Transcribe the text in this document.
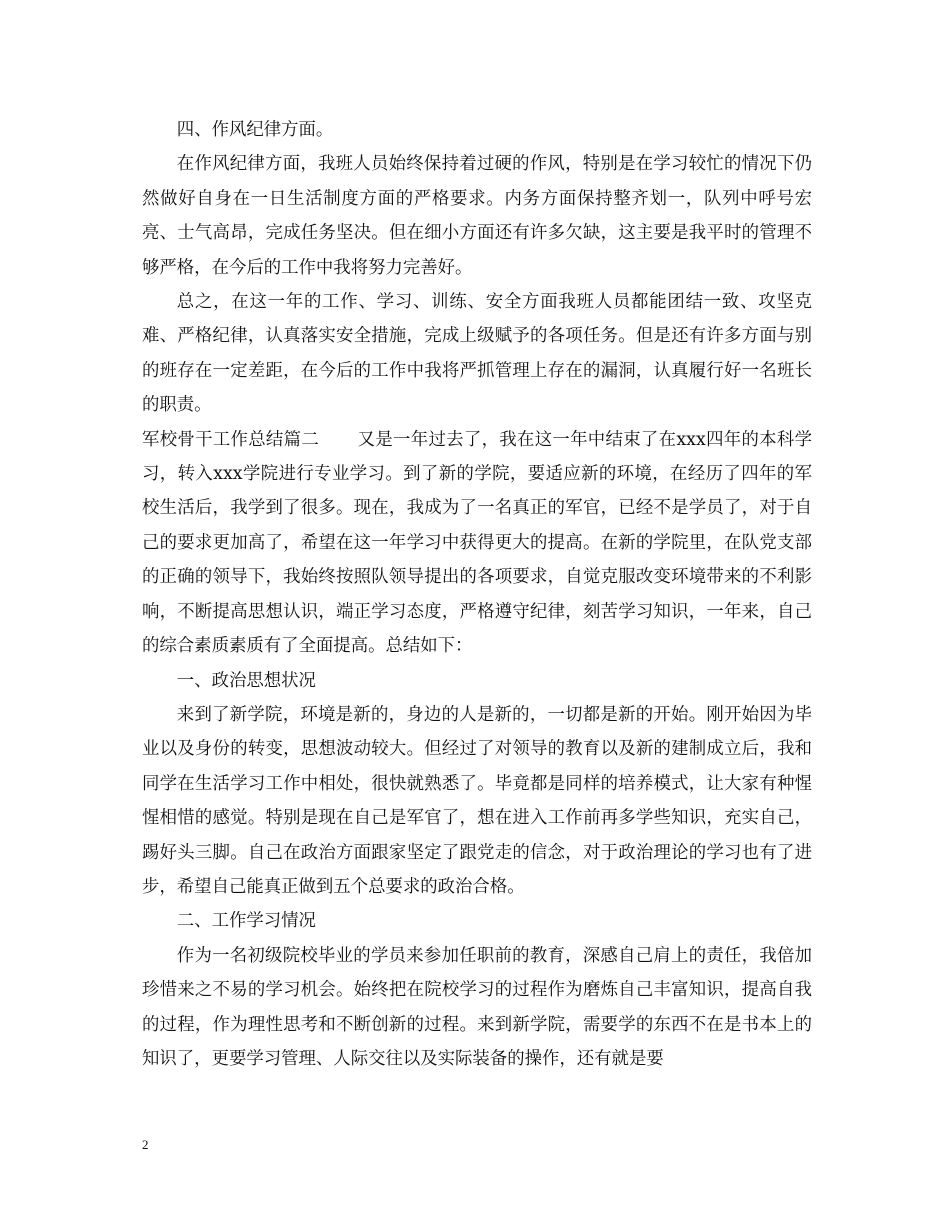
四、作风纪律方面。

在作风纪律方面，我班人员始终保持着过硬的作风，特别是在学习较忙的情况下仍然做好自身在一日生活制度方面的严格要求。内务方面保持整齐划一，队列中呼号宏亮、士气高昂，完成任务坚决。但在细小方面还有许多欠缺，这主要是我平时的管理不够严格，在今后的工作中我将努力完善好。

总之，在这一年的工作、学习、训练、安全方面我班人员都能团结一致、攻坚克难、严格纪律，认真落实安全措施，完成上级赋予的各项任务。但是还有许多方面与别的班存在一定差距，在今后的工作中我将严抓管理上存在的漏洞，认真履行好一名班长的职责。

军校骨干工作总结篇二 又是一年过去了，我在这一年中结束了在xxx四年的本科学习，转入xxx学院进行专业学习。到了新的学院，要适应新的环境，在经历了四年的军校生活后，我学到了很多。现在，我成为了一名真正的军官，已经不是学员了，对于自己的要求更加高了，希望在这一年学习中获得更大的提高。在新的学院里，在队党支部的正确的领导下，我始终按照队领导提出的各项要求，自觉克服改变环境带来的不利影响，不断提高思想认识，端正学习态度，严格遵守纪律，刻苦学习知识，一年来，自己的综合素质素质有了全面提高。总结如下：

一、政治思想状况

来到了新学院，环境是新的，身边的人是新的，一切都是新的开始。刚开始因为毕业以及身份的转变，思想波动较大。但经过了对领导的教育以及新的建制成立后，我和同学在生活学习工作中相处，很快就熟悉了。毕竟都是同样的培养模式，让大家有种惺惺相惜的感觉。特别是现在自己是军官了，想在进入工作前再多学些知识，充实自己，踢好头三脚。自己在政治方面跟家坚定了跟党走的信念，对于政治理论的学习也有了进步，希望自己能真正做到五个总要求的政治合格。

二、工作学习情况

作为一名初级院校毕业的学员来参加任职前的教育，深感自己肩上的责任，我倍加珍惜来之不易的学习机会。始终把在院校学习的过程作为磨炼自己丰富知识，提高自我的过程，作为理性思考和不断创新的过程。来到新学院，需要学的东西不在是书本上的知识了，更要学习管理、人际交往以及实际装备的操作，还有就是要

2
